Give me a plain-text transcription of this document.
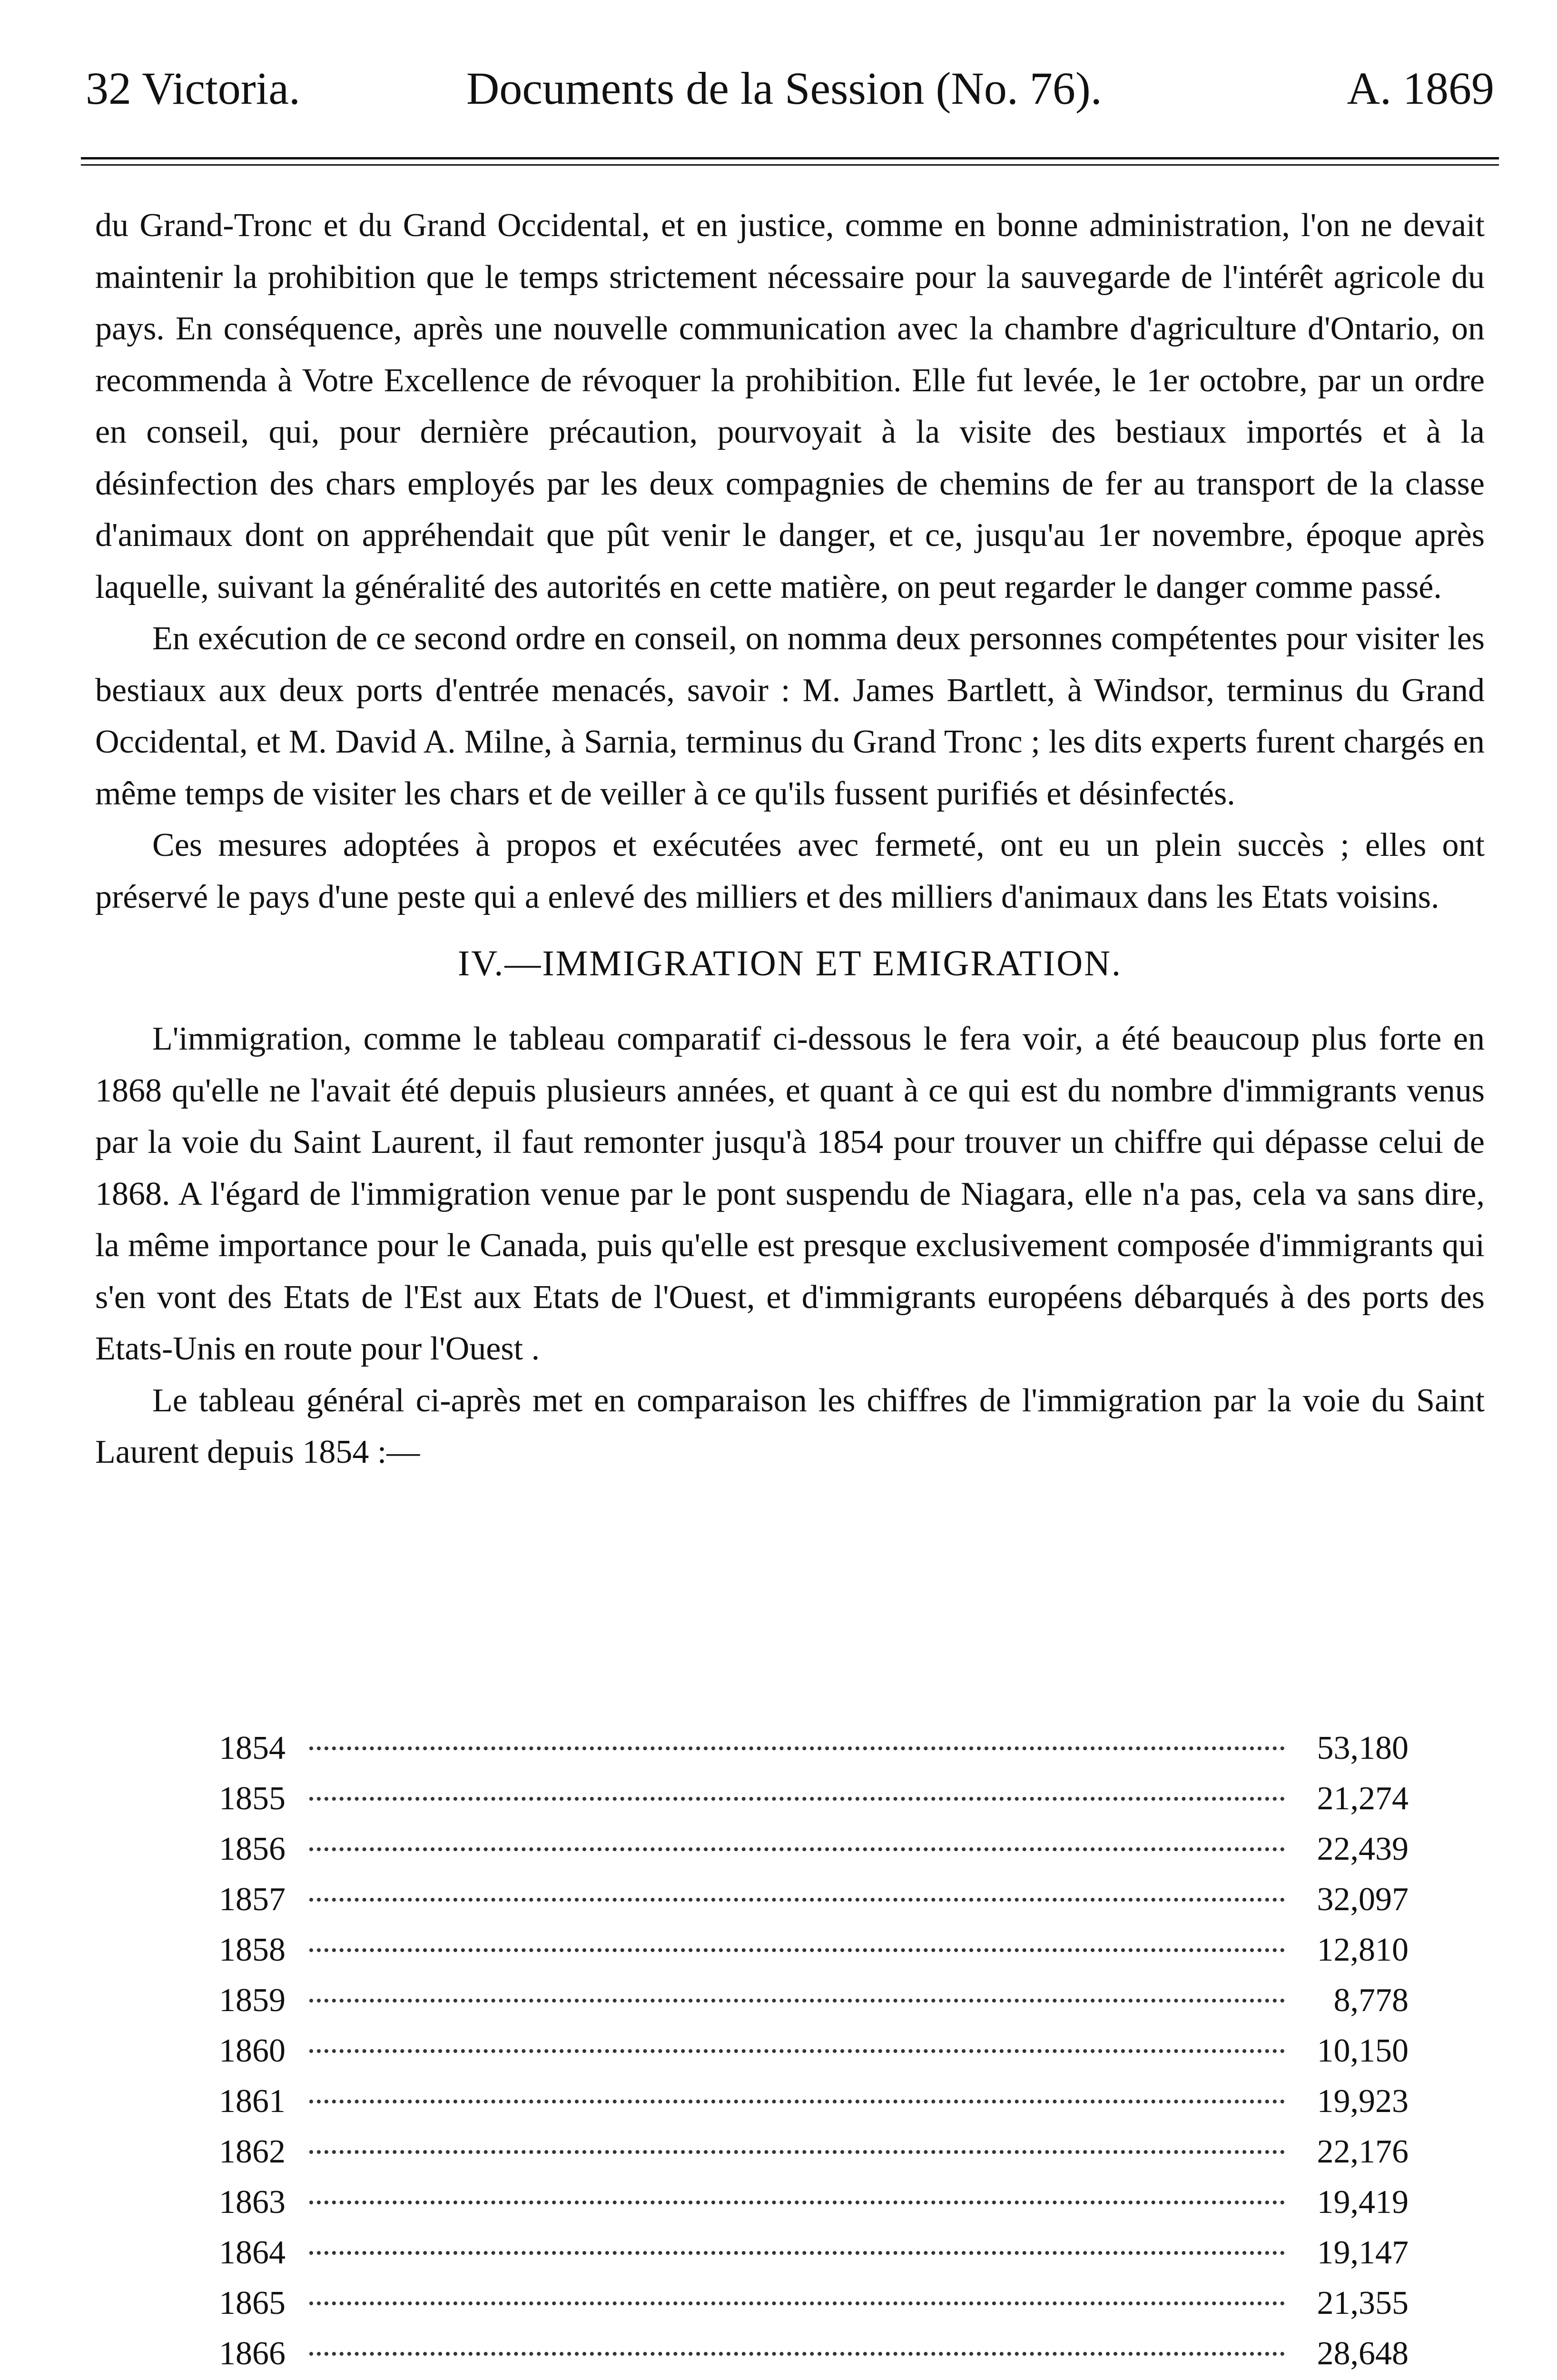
32 Victoria.	Documents de la Session (No. 76).	A. 1869

du Grand-Tronc et du Grand Occidental, et en justice, comme en bonne administration, l'on ne devait maintenir la prohibition que le temps strictement nécessaire pour la sauvegarde de l'intérêt agricole du pays. En conséquence, après une nouvelle communication avec la chambre d'agriculture d'Ontario, on recommenda à Votre Excellence de révoquer la prohibition. Elle fut levée, le 1er octobre, par un ordre en conseil, qui, pour dernière précaution, pourvoyait à la visite des bestiaux importés et à la désinfection des chars employés par les deux compagnies de chemins de fer au transport de la classe d'animaux dont on appréhendait que pût venir le danger, et ce, jusqu'au 1er novembre, époque après laquelle, suivant la généralité des autorités en cette matière, on peut regarder le danger comme passé.

En exécution de ce second ordre en conseil, on nomma deux personnes compétentes pour visiter les bestiaux aux deux ports d'entrée menacés, savoir : M. James Bartlett, à Windsor, terminus du Grand Occidental, et M. David A. Milne, à Sarnia, terminus du Grand Tronc ; les dits experts furent chargés en même temps de visiter les chars et de veiller à ce qu'ils fussent purifiés et désinfectés.

Ces mesures adoptées à propos et exécutées avec fermeté, ont eu un plein succès ; elles ont préservé le pays d'une peste qui a enlevé des milliers et des milliers d'animaux dans les Etats voisins.

IV.—IMMIGRATION ET EMIGRATION.

L'immigration, comme le tableau comparatif ci-dessous le fera voir, a été beaucoup plus forte en 1868 qu'elle ne l'avait été depuis plusieurs années, et quant à ce qui est du nombre d'immigrants venus par la voie du Saint Laurent, il faut remonter jusqu'à 1854 pour trouver un chiffre qui dépasse celui de 1868. A l'égard de l'immigration venue par le pont suspendu de Niagara, elle n'a pas, cela va sans dire, la même importance pour le Canada, puis qu'elle est presque exclusivement composée d'immigrants qui s'en vont des Etats de l'Est aux Etats de l'Ouest, et d'immigrants européens débarqués à des ports des Etats-Unis en route pour l'Ouest .

Le tableau général ci-après met en comparaison les chiffres de l'immigration par la voie du Saint Laurent depuis 1854 :—

1854	53,180
1855	21,274
1856	22,439
1857	32,097
1858	12,810
1859	8,778
1860	10,150
1861	19,923
1862	22,176
1863	19,419
1864	19,147
1865	21,355
1866	28,648
